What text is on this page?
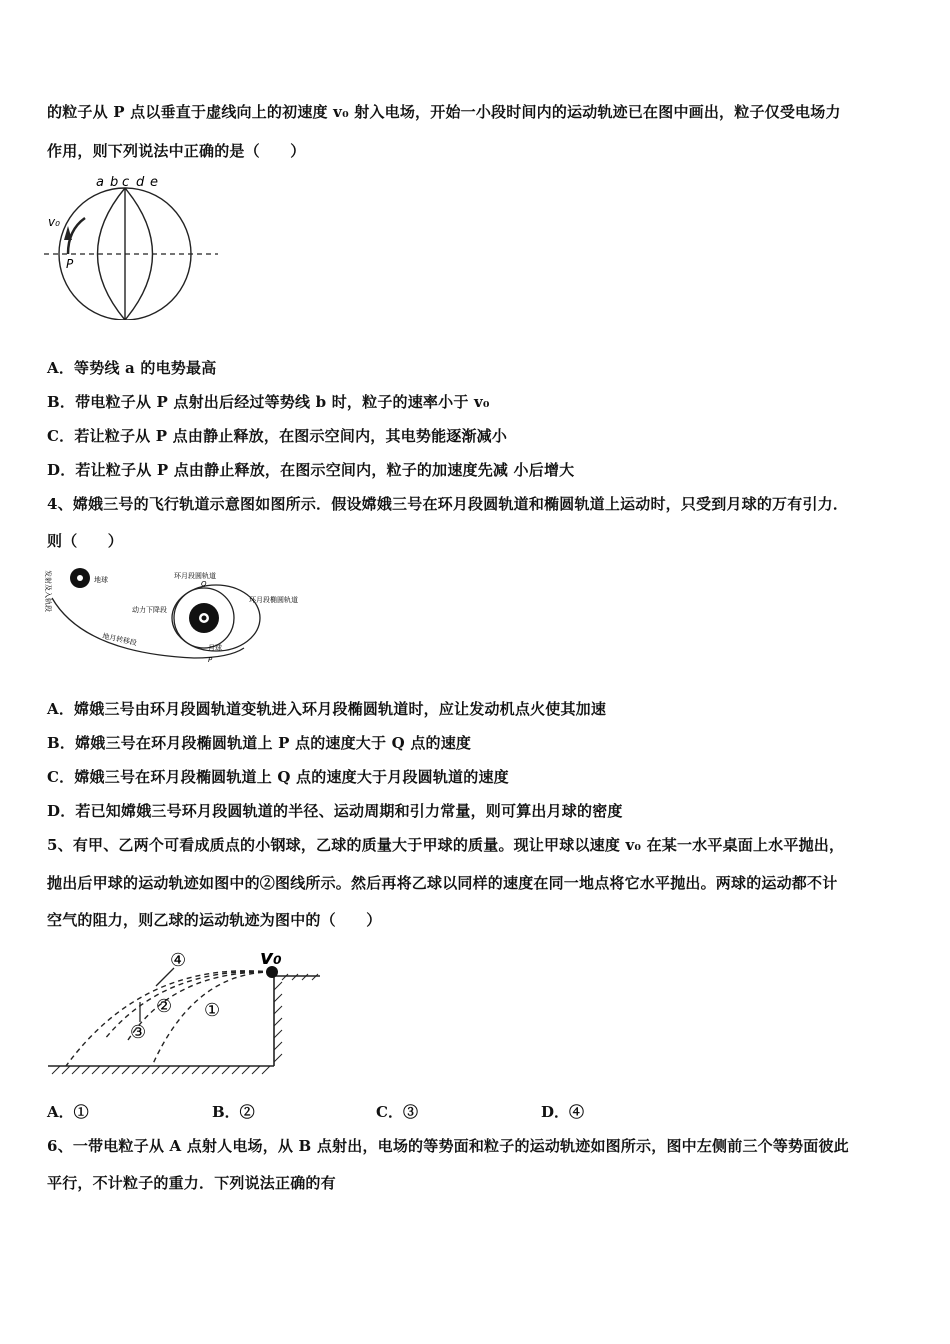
的粒子从 P 点以垂直于虚线向上的初速度 v₀ 射入电场，开始一小段时间内的运动轨迹已在图中画出，粒子仅受电场力
作用，则下列说法中正确的是（　　）
a b c d e
v₀
P
A．等势线 a 的电势最高
B．带电粒子从 P 点射出后经过等势线 b 时，粒子的速率小于 v₀
C．若让粒子从 P 点由静止释放，在图示空间内，其电势能逐渐减小
D．若让粒子从 P 点由静止释放，在图示空间内，粒子的加速度先减 小后增大
4、嫦娥三号的飞行轨道示意图如图所示．假设嫦娥三号在环月段圆轨道和椭圆轨道上运动时，只受到月球的万有引力．
则（　　）
发射及入轨段	地球	环月段圆轨道
环月段椭圆轨道
动力下降段
地月转移段
月球
Q
P
A．嫦娥三号由环月段圆轨道变轨进入环月段椭圆轨道时，应让发动机点火使其加速
B．嫦娥三号在环月段椭圆轨道上 P 点的速度大于 Q 点的速度
C．嫦娥三号在环月段椭圆轨道上 Q 点的速度大于月段圆轨道的速度
D．若已知嫦娥三号环月段圆轨道的半径、运动周期和引力常量，则可算出月球的密度
5、有甲、乙两个可看成质点的小钢球，乙球的质量大于甲球的质量。现让甲球以速度 v₀ 在某一水平桌面上水平抛出，
抛出后甲球的运动轨迹如图中的②图线所示。然后再将乙球以同样的速度在同一地点将它水平抛出。两球的运动都不计
空气的阻力，则乙球的运动轨迹为图中的（　　）
v₀
④
② ①
③
A．①	B．②	C．③	D．④
6、一带电粒子从 A 点射人电场，从 B 点射出，电场的等势面和粒子的运动轨迹如图所示，图中左侧前三个等势面彼此
平行，不计粒子的重力．下列说法正确的有
